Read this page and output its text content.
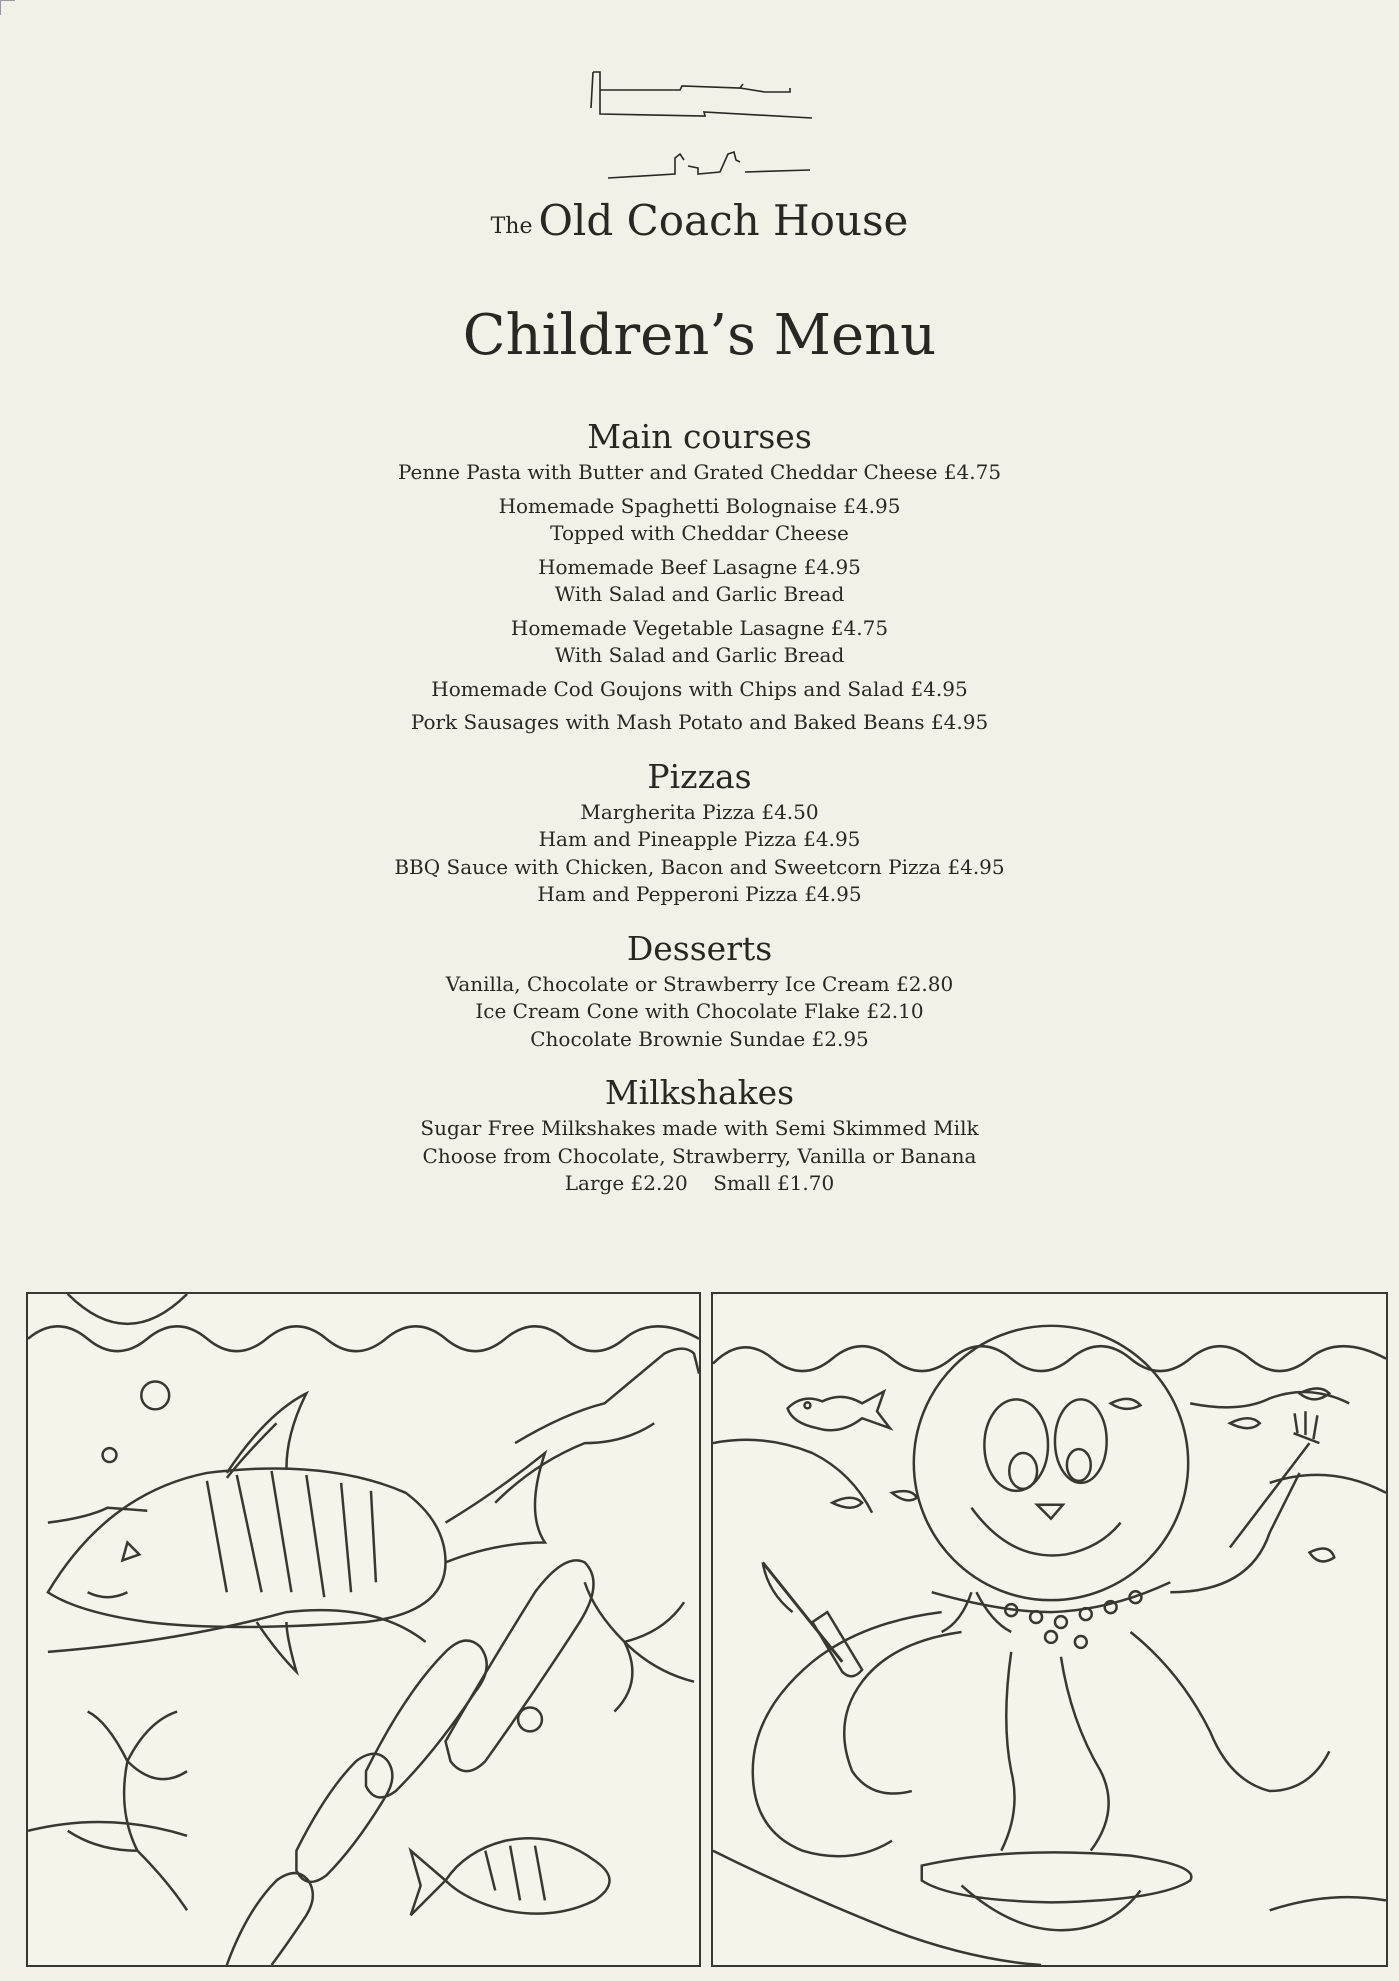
The Old Coach House
Children’s Menu
Main courses
Penne Pasta with Butter and Grated Cheddar Cheese £4.75
Homemade Spaghetti Bolognaise £4.95
Topped with Cheddar Cheese
Homemade Beef Lasagne £4.95
With Salad and Garlic Bread
Homemade Vegetable Lasagne £4.75
With Salad and Garlic Bread
Homemade Cod Goujons with Chips and Salad £4.95
Pork Sausages with Mash Potato and Baked Beans £4.95
Pizzas
Margherita Pizza £4.50
Ham and Pineapple Pizza £4.95
BBQ Sauce with Chicken, Bacon and Sweetcorn Pizza £4.95
Ham and Pepperoni Pizza £4.95
Desserts
Vanilla, Chocolate or Strawberry Ice Cream £2.80
Ice Cream Cone with Chocolate Flake £2.10
Chocolate Brownie Sundae £2.95
Milkshakes
Sugar Free Milkshakes made with Semi Skimmed Milk
Choose from Chocolate, Strawberry, Vanilla or Banana
Large £2.20    Small £1.70
